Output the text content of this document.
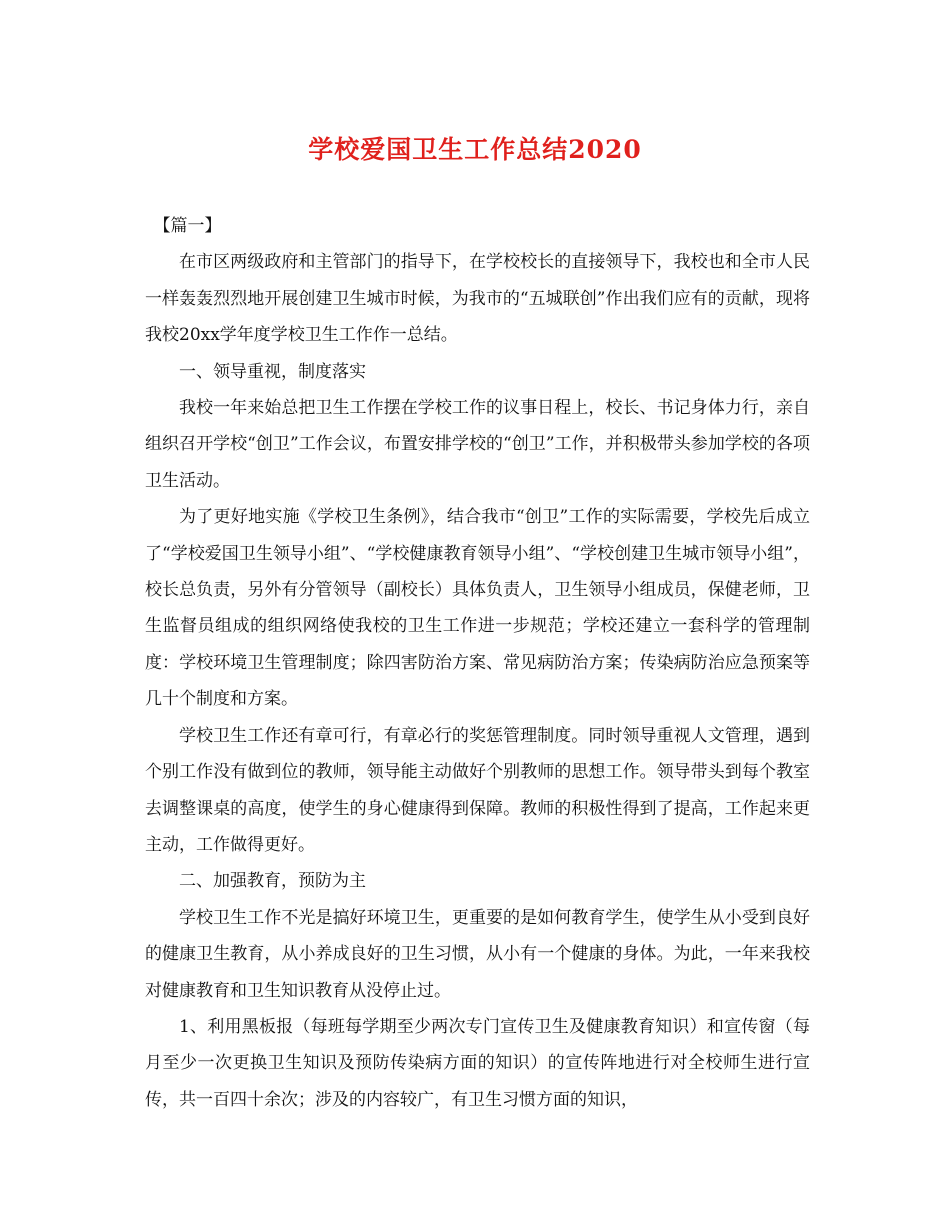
学校爱国卫生工作总结2020

【篇一】

在市区两级政府和主管部门的指导下，在学校校长的直接领导下，我校也和全市人民一样轰轰烈烈地开展创建卫生城市时候，为我市的“五城联创”作出我们应有的贡献，现将我校20xx学年度学校卫生工作作一总结。

一、领导重视，制度落实

我校一年来始总把卫生工作摆在学校工作的议事日程上，校长、书记身体力行，亲自组织召开学校“创卫”工作会议，布置安排学校的“创卫”工作，并积极带头参加学校的各项卫生活动。

为了更好地实施《学校卫生条例》，结合我市“创卫”工作的实际需要，学校先后成立了“学校爱国卫生领导小组”、“学校健康教育领导小组”、“学校创建卫生城市领导小组”，校长总负责，另外有分管领导（副校长）具体负责人，卫生领导小组成员，保健老师，卫生监督员组成的组织网络使我校的卫生工作进一步规范；学校还建立一套科学的管理制度：学校环境卫生管理制度；除四害防治方案、常见病防治方案；传染病防治应急预案等几十个制度和方案。

学校卫生工作还有章可行，有章必行的奖惩管理制度。同时领导重视人文管理，遇到个别工作没有做到位的教师，领导能主动做好个别教师的思想工作。领导带头到每个教室去调整课桌的高度，使学生的身心健康得到保障。教师的积极性得到了提高，工作起来更主动，工作做得更好。

二、加强教育，预防为主

学校卫生工作不光是搞好环境卫生，更重要的是如何教育学生，使学生从小受到良好的健康卫生教育，从小养成良好的卫生习惯，从小有一个健康的身体。为此，一年来我校对健康教育和卫生知识教育从没停止过。

1、利用黑板报（每班每学期至少两次专门宣传卫生及健康教育知识）和宣传窗（每月至少一次更换卫生知识及预防传染病方面的知识）的宣传阵地进行对全校师生进行宣传，共一百四十余次；涉及的内容较广，有卫生习惯方面的知识，
